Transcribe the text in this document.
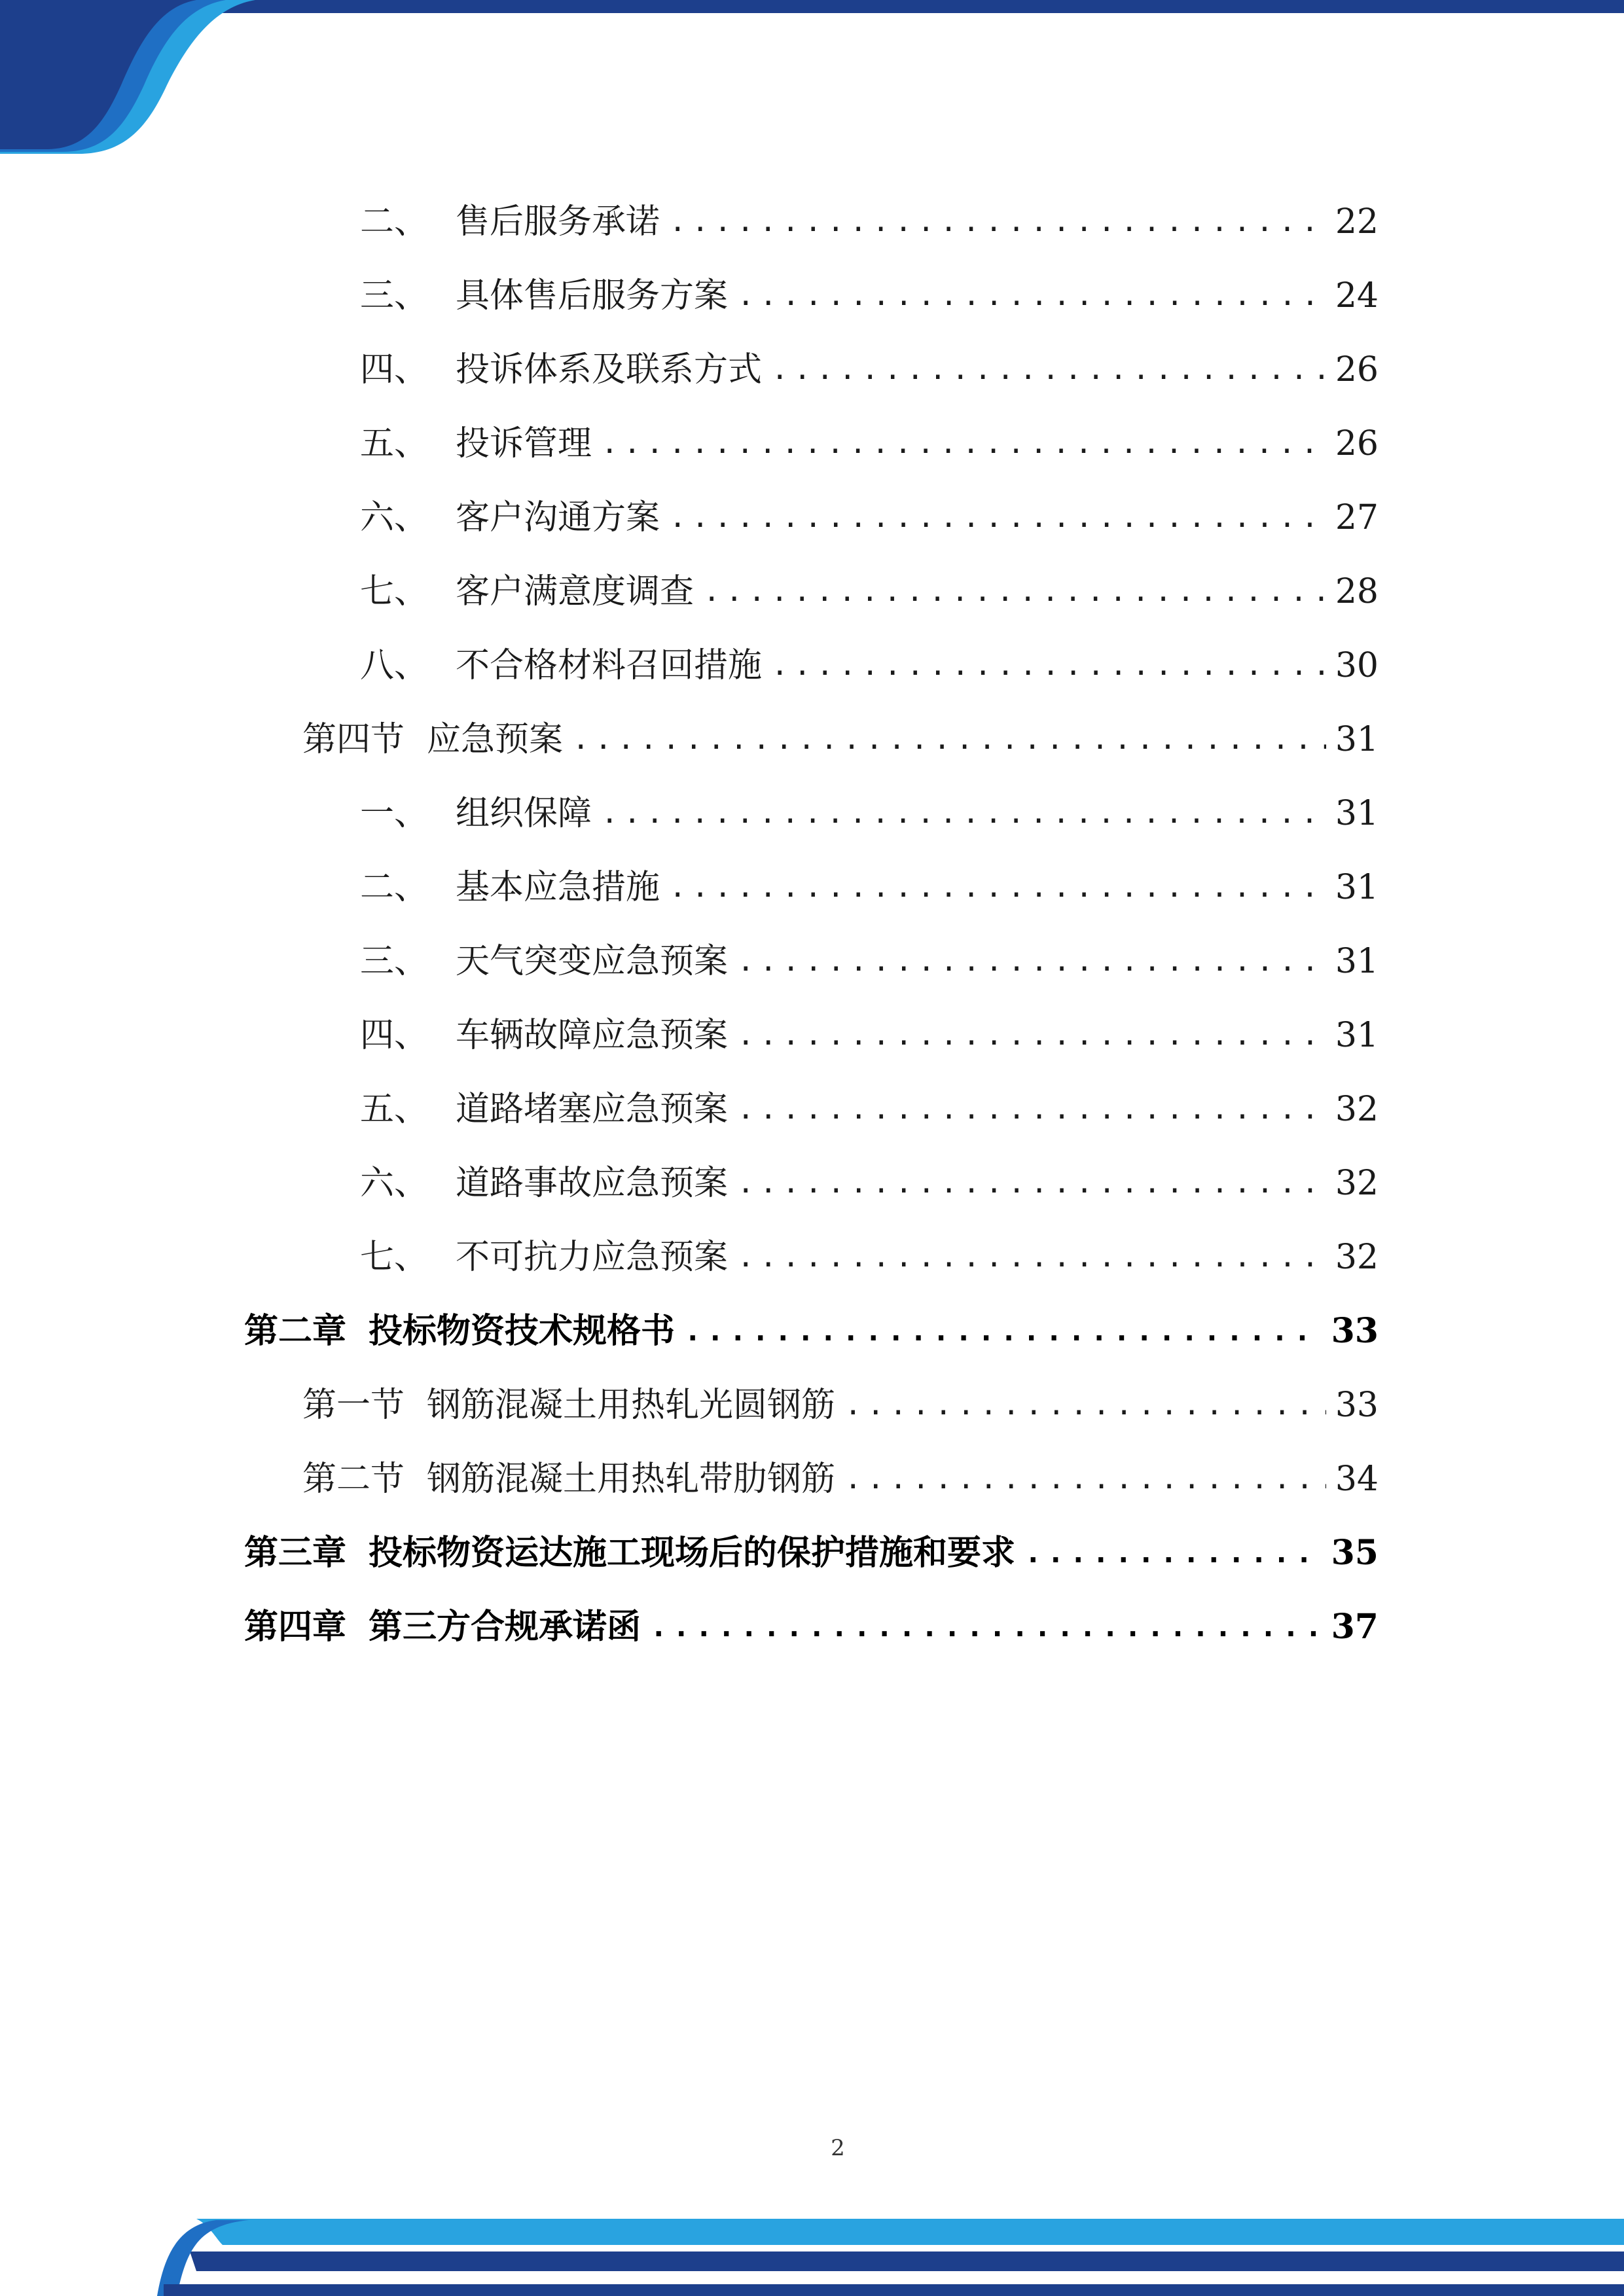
二、 售后服务承诺 .....	22
三、 具体售后服务方案 .....	24
四、 投诉体系及联系方式 .....	26
五、 投诉管理 .....	26
六、 客户沟通方案 .....	27
七、 客户满意度调查 .....	28
八、 不合格材料召回措施 .....	30
第四节 应急预案 .....	31
一、 组织保障 .....	31
二、 基本应急措施 .....	31
三、 天气突变应急预案 .....	31
四、 车辆故障应急预案 .....	31
五、 道路堵塞应急预案 .....	32
六、 道路事故应急预案 .....	32
七、 不可抗力应急预案 .....	32
第二章 投标物资技术规格书 .....	33
第一节 钢筋混凝土用热轧光圆钢筋 .....	33
第二节 钢筋混凝土用热轧带肋钢筋 .....	34
第三章 投标物资运达施工现场后的保护措施和要求 .....	35
第四章 第三方合规承诺函 .....	37
2
